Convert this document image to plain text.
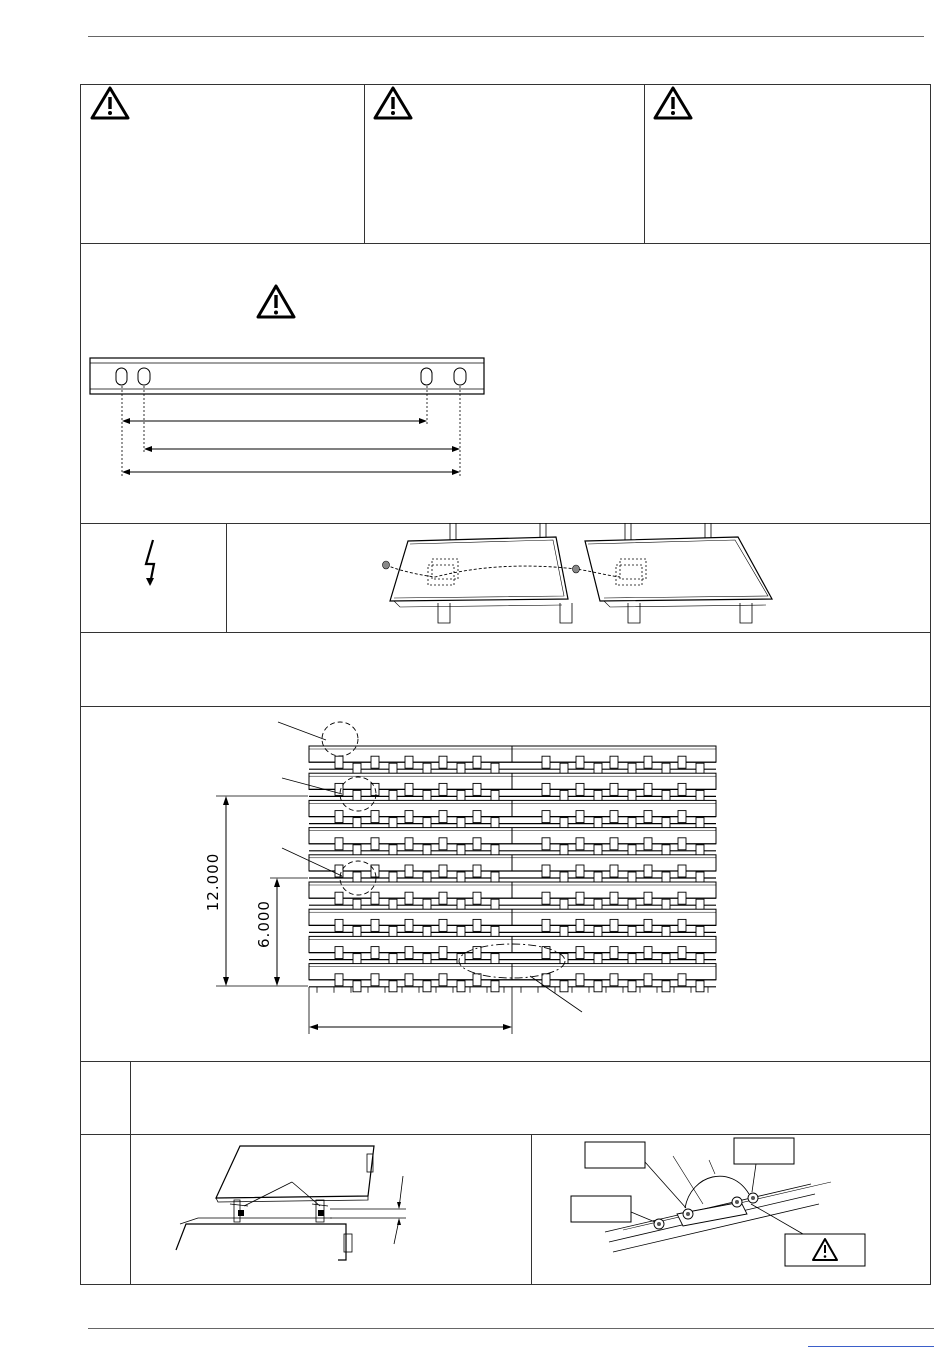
12.000
6.000
